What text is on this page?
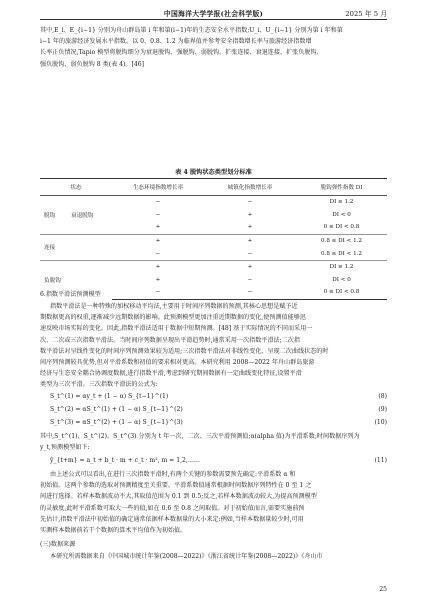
中国海洋大学学报(社会科学版)	2025 年 5 月
其中,E_i、E_{i−1} 分别为舟山群岛第 i 年和第(i−1)年的生态安全水平指数;U_i、U_{i−1} 分别为第 i 年和第
i−1 年的旅游经济发展水平指数。以 0、0.8、1.2 为临界值并参考安全指数增长率与旅游经济指数增
长率正负情况,Tapio 模型将脱钩细分为衰退脱钩、强脱钩、弱脱钩、扩张连接、衰退连接、扩张负脱钩、
强负脱钩、弱负脱钩 8 类(表 4)。[46]
表 4 脱钩状态类型划分标准
状态	生态环境指数增长率	城镇化指数增长率	脱钩弹性指数 DI
脱钩 衰退脱钩	−	−	DI ≥ 1.2
	−	+	DI < 0
	+	+	0 ≤ DI < 0.8
连接	+	+	0.8 ≤ DI < 1.2
	−	−	0.8 ≤ DI < 1.2
负脱钩	+	+	DI ≥ 1.2
	+	−	DI < 0
	−	−	0 ≤ DI < 0.8
6.指数平滑法预测模型
指数平滑法是一种特殊的加权移动平均法,主要用于时间序列数据的预测,其核心思想是赋予近
期数据更高的权重,逐渐减少远期数据的影响。此预测模型更加注重近期数据的变化,使预测值能够迅
速反映市场实际的变化。因此,指数平滑法适用于数据中短期预测。[48] 基于实际情况的不同而采用一
次、二次或三次指数平滑法。当时间序列数据呈现出平滑趋势时,通常采用一次指数平滑法;二次指
数平滑法对呈线性变化的时间序列预测效果较为适用;三次指数平滑法对非线性变化、呈现二次曲线状态的时
间序列预测较具优势,但对平滑系数和初值的要求相对更高。本研究利用 2008—2022 年舟山群岛旅游
经济与生态安全耦合协调度数据,进行指数平滑,考虑到研究期间数据有一定曲线变化特征,设置平滑
类型为三次平滑。三次指数平滑法的公式为:
S_t^(1) = αy_t + (1 − α) S_{t−1}^(1)	(8)
S_t^(2) = αS_t^(1) + (1 − α) S_{t−1}^(2)	(9)
S_t^(3) = αS_t^(2) + (1 − α) S_{t−1}^(3)	(10)
其中,S_t^(1)、S_t^(2)、S_t^(3) 分别为 t 年一次、二次、三次平滑预测值;α(alpha 值)为平滑系数;时间数据序列为
y_t,预测模型如下:
ŷ_{t+m} = a_t + b_t · m + c_t · m², m = 1,2,……	(11)
由上述公式可以看出,在进行三次指数平滑时,有两个关键的参数需要预先确定:平滑系数 α 和
初始值。这两个参数的选取对预测精度至关重要。平滑系数值通常根据时间数据序列特性在 0 至 1 之
间进行选择。若样本数据波动不大,其取值范围为 0.1 到 0.5;反之,若样本数据波动较大,为提高预测模型
的灵敏度,此时平滑系数可取大一些的值,如在 0.6 至 0.8 之间取值。对于初始值而言,需要实施前预
先估计,指数平滑法中初始值的确定通常依据样本数据量的大小来定:例如,当样本数据量较少时,可用
实测样本数据前若干个数据的算术平均值作为初始值。
(三)数据来源
本研究所需数据来自《中国城市统计年鉴(2008—2022)》《浙江省统计年鉴(2008—2022)》《舟山市
25
